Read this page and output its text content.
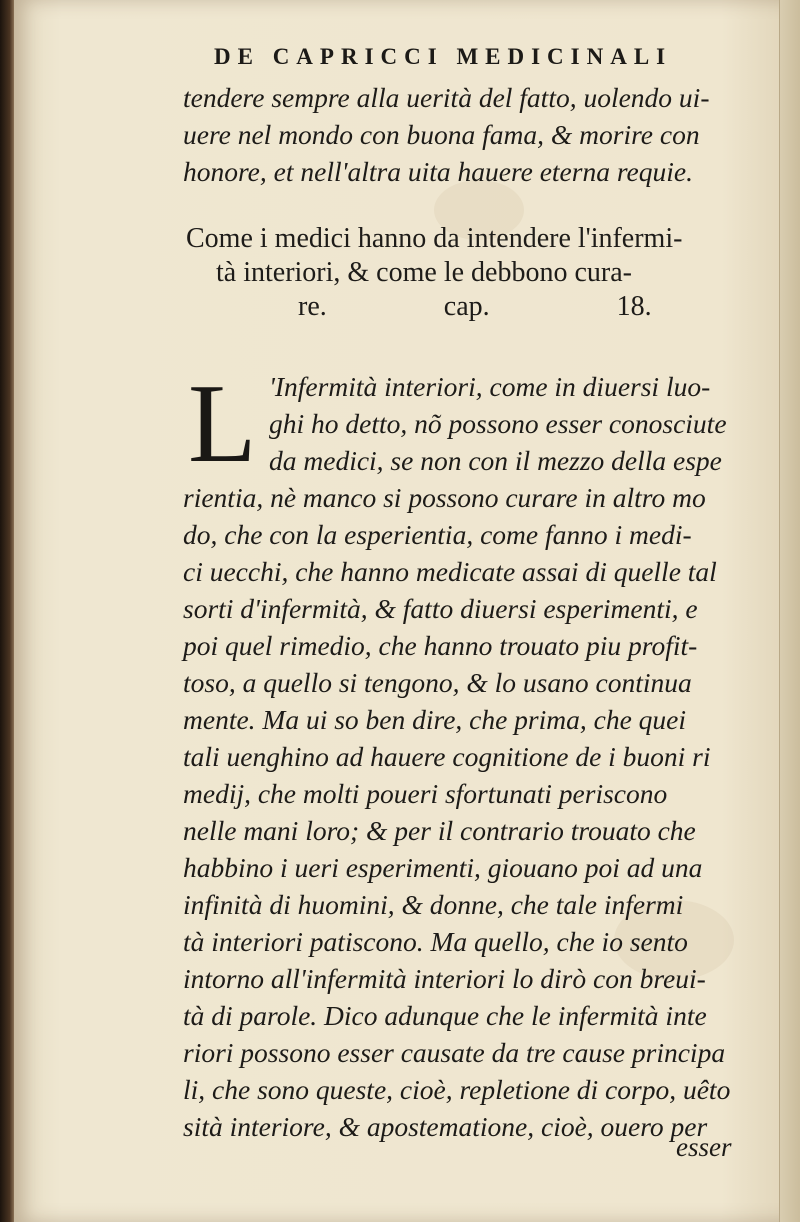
DE CAPRICCI MEDICINALI
tendere sempre alla uerità del fatto, uolendo ui-
uere nel mondo con buona fama, & morire con
honore, et nell'altra uita hauere eterna requie.
Come i medici hanno da intendere l'infermi-
tà interiori, & come le debbono cura-
re.	cap.	18.
L 'Infermità interiori, come in diuersi luo-
ghi ho detto, nõ possono esser conosciute
da medici, se non con il mezzo della espe
rientia, nè manco si possono curare in altro mo
do, che con la esperientia, come fanno i medi-
ci uecchi, che hanno medicate assai di quelle tal
sorti d'infermità, & fatto diuersi esperimenti, e
poi quel rimedio, che hanno trouato piu profit-
toso, a quello si tengono, & lo usano continua
mente. Ma ui so ben dire, che prima, che quei
tali uenghino ad hauere cognitione de i buoni ri
medij, che molti poueri sfortunati periscono
nelle mani loro; & per il contrario trouato che
habbino i ueri esperimenti, giouano poi ad una
infinità di huomini, & donne, che tale infermi
tà interiori patiscono. Ma quello, che io sento
intorno all'infermità interiori lo dirò con breui-
tà di parole. Dico adunque che le infermità inte
riori possono esser causate da tre cause principa
li, che sono queste, cioè, repletione di corpo, uêto
sità interiore, & apostematione, cioè, ouero per
esser
